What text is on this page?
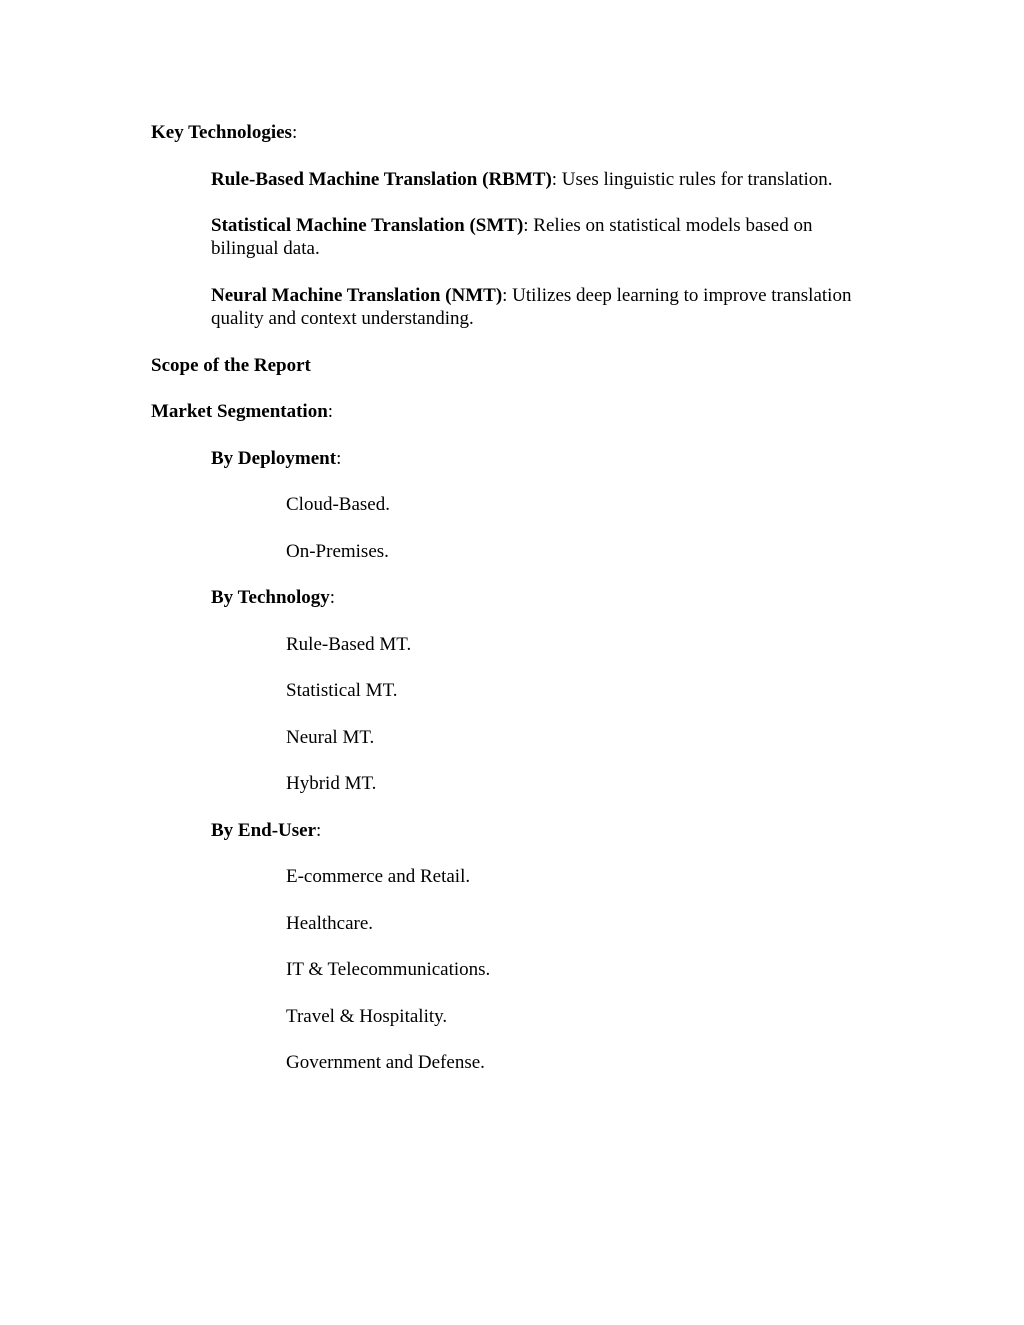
Key Technologies:
Rule-Based Machine Translation (RBMT): Uses linguistic rules for translation.
Statistical Machine Translation (SMT): Relies on statistical models based on
bilingual data.
Neural Machine Translation (NMT): Utilizes deep learning to improve translation
quality and context understanding.
Scope of the Report
Market Segmentation:
By Deployment:
Cloud-Based.
On-Premises.
By Technology:
Rule-Based MT.
Statistical MT.
Neural MT.
Hybrid MT.
By End-User:
E-commerce and Retail.
Healthcare.
IT & Telecommunications.
Travel & Hospitality.
Government and Defense.
